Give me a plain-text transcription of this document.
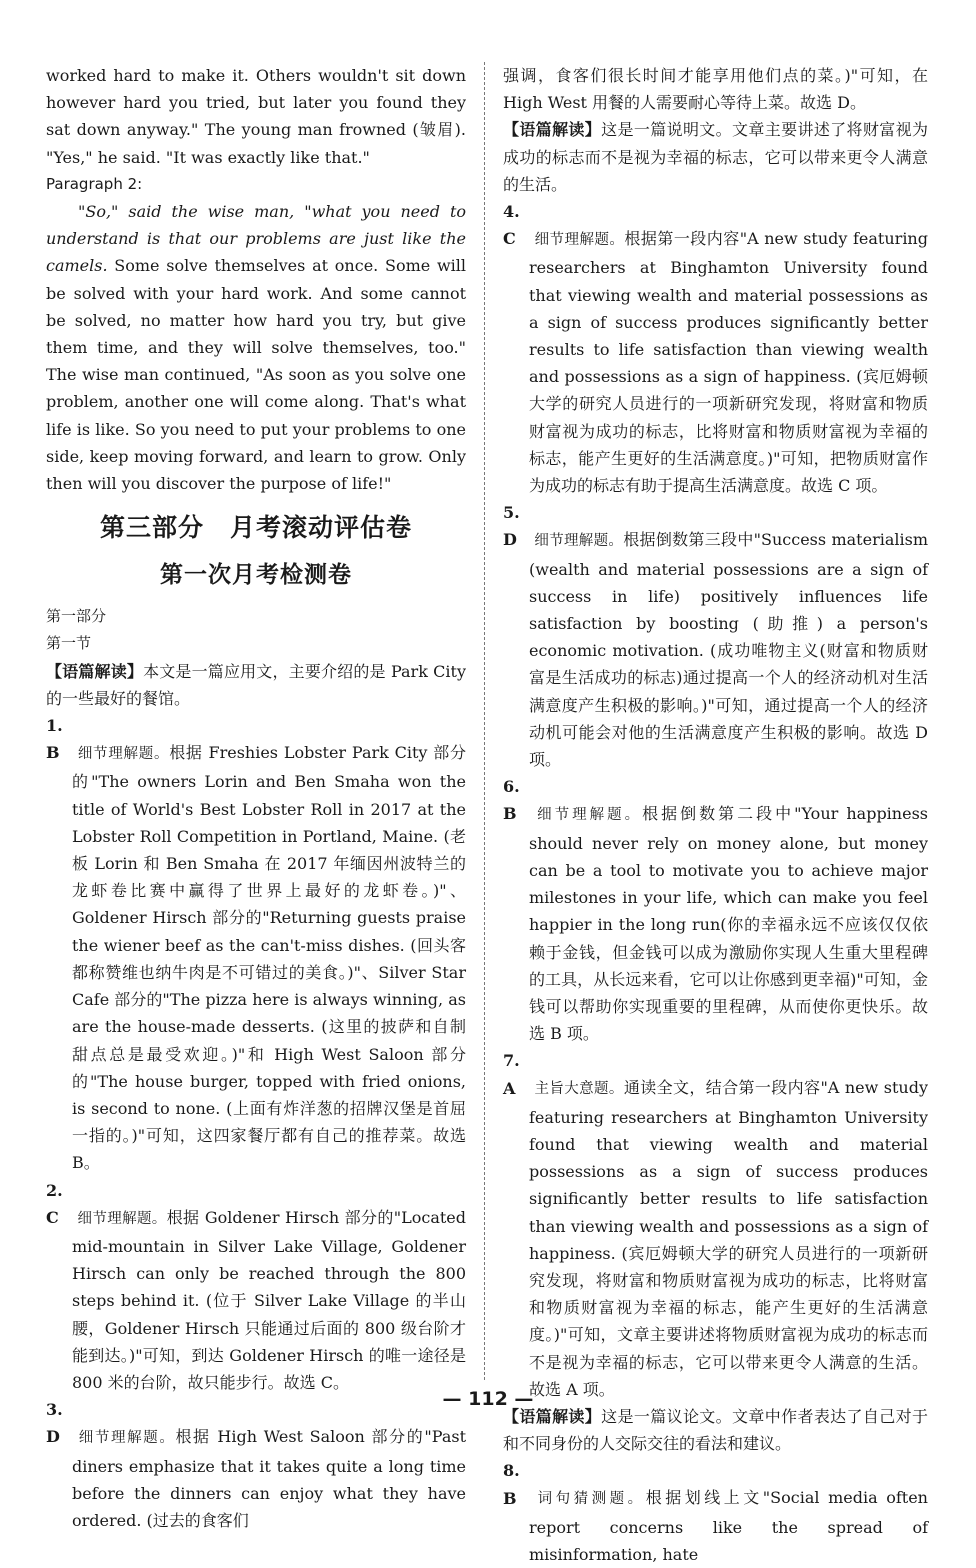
worked hard to make it. Others wouldn't sit down however hard you tried, but later you found they sat down anyway." The young man frowned (皱眉). "Yes," he said. "It was exactly like that."

Paragraph 2:

"So," said the wise man, "what you need to understand is that our problems are just like the camels. Some solve themselves at once. Some will be solved with your hard work. And some cannot be solved, no matter how hard you try, but give them time, and they will solve themselves, too." The wise man continued, "As soon as you solve one problem, another one will come along. That's what life is like. So you need to put your problems to one side, keep moving forward, and learn to grow. Only then will you discover the purpose of life!"

第三部分　月考滚动评估卷
第一次月考检测卷

第一部分

第一节

【语篇解读】本文是一篇应用文，主要介绍的是 Park City 的一些最好的餐馆。

1. B 细节理解题。根据 Freshies Lobster Park City 部分的"The owners Lorin and Ben Smaha won the title of World's Best Lobster Roll in 2017 at the Lobster Roll Competition in Portland, Maine. (老板 Lorin 和 Ben Smaha 在 2017 年缅因州波特兰的龙虾卷比赛中赢得了世界上最好的龙虾卷。)"、Goldener Hirsch 部分的"Returning guests praise the wiener beef as the can't-miss dishes. (回头客都称赞维也纳牛肉是不可错过的美食。)"、Silver Star Cafe 部分的"The pizza here is always winning, as are the house-made desserts. (这里的披萨和自制甜点总是最受欢迎。)"和 High West Saloon 部分的"The house burger, topped with fried onions, is second to none. (上面有炸洋葱的招牌汉堡是首屈一指的。)"可知，这四家餐厅都有自己的推荐菜。故选 B。

2. C 细节理解题。根据 Goldener Hirsch 部分的"Located mid-mountain in Silver Lake Village, Goldener Hirsch can only be reached through the 800 steps behind it. (位于 Silver Lake Village 的半山腰，Goldener Hirsch 只能通过后面的 800 级台阶才能到达。)"可知，到达 Goldener Hirsch 的唯一途径是 800 米的台阶，故只能步行。故选 C。

3. D 细节理解题。根据 High West Saloon 部分的"Past diners emphasize that it takes quite a long time before the dinners can enjoy what they have ordered. (过去的食客们

强调，食客们很长时间才能享用他们点的菜。)"可知，在 High West 用餐的人需要耐心等待上菜。故选 D。

【语篇解读】这是一篇说明文。文章主要讲述了将财富视为成功的标志而不是视为幸福的标志，它可以带来更令人满意的生活。

4. C 细节理解题。根据第一段内容"A new study featuring researchers at Binghamton University found that viewing wealth and material possessions as a sign of success produces significantly better results to life satisfaction than viewing wealth and possessions as a sign of happiness. (宾厄姆顿大学的研究人员进行的一项新研究发现，将财富和物质财富视为成功的标志，比将财富和物质财富视为幸福的标志，能产生更好的生活满意度。)"可知，把物质财富作为成功的标志有助于提高生活满意度。故选 C 项。

5. D 细节理解题。根据倒数第三段中"Success materialism (wealth and material possessions are a sign of success in life) positively influences life satisfaction by boosting (助推) a person's economic motivation. (成功唯物主义(财富和物质财富是生活成功的标志)通过提高一个人的经济动机对生活满意度产生积极的影响。)"可知，通过提高一个人的经济动机可能会对他的生活满意度产生积极的影响。故选 D 项。

6. B 细节理解题。根据倒数第二段中"Your happiness should never rely on money alone, but money can be a tool to motivate you to achieve major milestones in your life, which can make you feel happier in the long run(你的幸福永远不应该仅仅依赖于金钱，但金钱可以成为激励你实现人生重大里程碑的工具，从长远来看，它可以让你感到更幸福)"可知，金钱可以帮助你实现重要的里程碑，从而使你更快乐。故选 B 项。

7. A 主旨大意题。通读全文，结合第一段内容"A new study featuring researchers at Binghamton University found that viewing wealth and material possessions as a sign of success produces significantly better results to life satisfaction than viewing wealth and possessions as a sign of happiness. (宾厄姆顿大学的研究人员进行的一项新研究发现，将财富和物质财富视为成功的标志，比将财富和物质财富视为幸福的标志，能产生更好的生活满意度。)"可知，文章主要讲述将物质财富视为成功的标志而不是视为幸福的标志，它可以带来更令人满意的生活。故选 A 项。

【语篇解读】这是一篇议论文。文章中作者表达了自己对于和不同身份的人交际交往的看法和建议。

8. B 词句猜测题。根据划线上文"Social media often report concerns like the spread of misinformation, hate

— 112 —
